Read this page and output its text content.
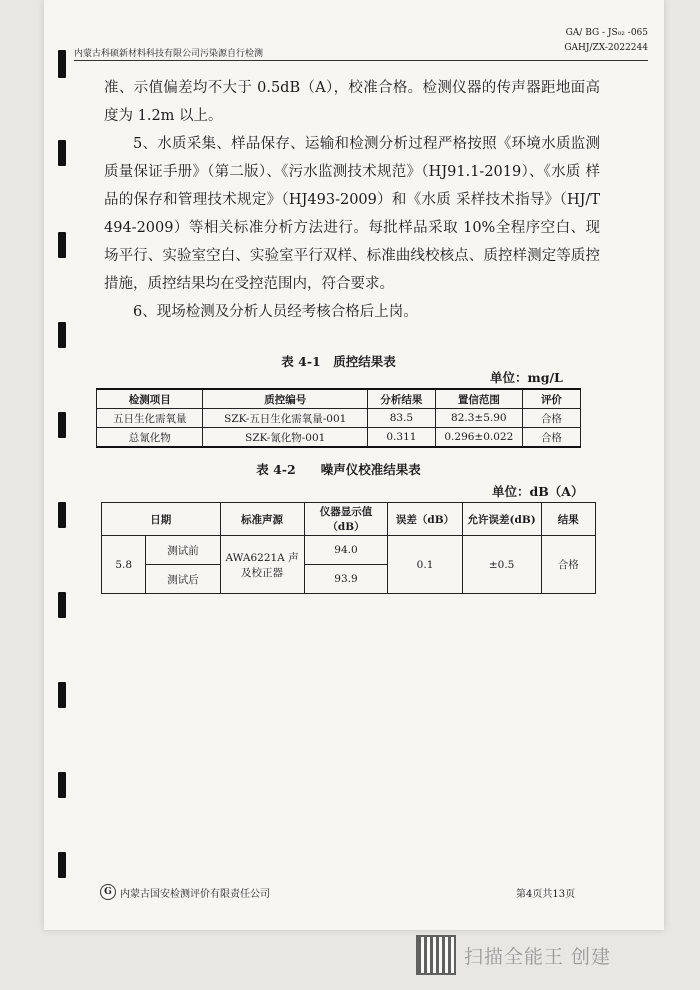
GA/ BG - JS₀₂ -065
GAHJ/ZX-2022244
内蒙古科硕新材料科技有限公司污染源自行检测

准、示值偏差均不大于 0.5dB（A），校准合格。检测仪器的传声器距地面高度为 1.2m 以上。

5、水质采集、样品保存、运输和检测分析过程严格按照《环境水质监测质量保证手册》（第二版）、《污水监测技术规范》（HJ91.1-2019）、《水质 样品的保存和管理技术规定》（HJ493-2009）和《水质 采样技术指导》（HJ/T 494-2009）等相关标准分析方法进行。每批样品采取 10%全程序空白、现场平行、实验室空白、实验室平行双样、标准曲线校核点、质控样测定等质控措施，质控结果均在受控范围内，符合要求。

6、现场检测及分析人员经考核合格后上岗。

表 4-1　质控结果表
单位：mg/L
检测项目	质控编号	分析结果	置信范围	评价
五日生化需氧量	SZK-五日生化需氧量-001	83.5	82.3±5.90	合格
总氰化物	SZK-氰化物-001	0.311	0.296±0.022	合格
表 4-2　　噪声仪校准结果表
单位：dB（A）
日期		标准声源	仪器显示值（dB）	误差（dB）	允许误差(dB)	结果
5.8	测试前	AWA6221A 声及校正器	94.0	0.1	±0.5	合格
	测试后		93.9			
G 内蒙古国安检测评价有限责任公司	第4页共13页
扫描全能王 创建
